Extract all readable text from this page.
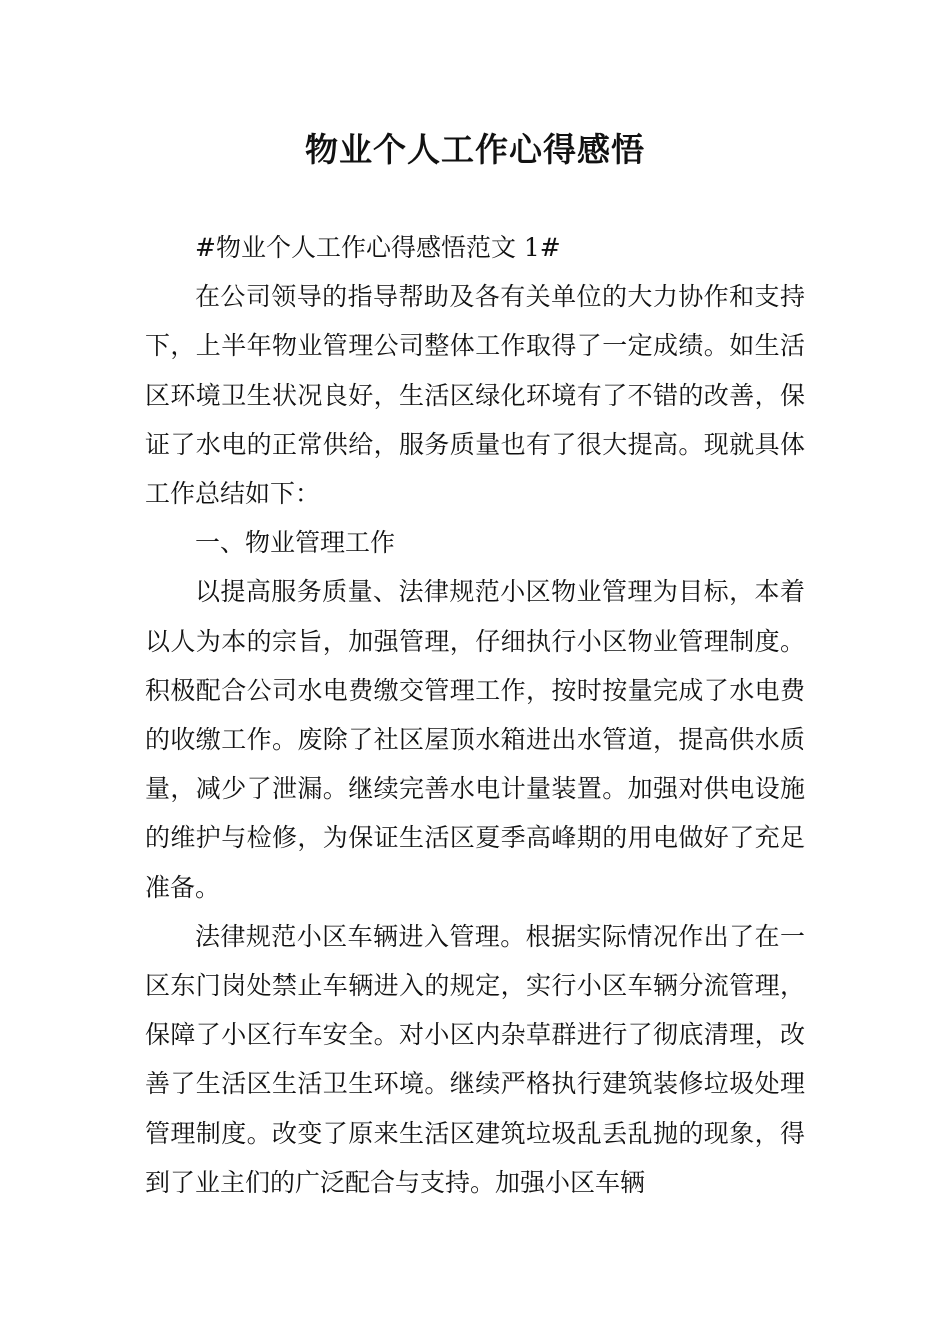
物业个人工作心得感悟

#物业个人工作心得感悟范文 1#

在公司领导的指导帮助及各有关单位的大力协作和支持下，上半年物业管理公司整体工作取得了一定成绩。如生活区环境卫生状况良好，生活区绿化环境有了不错的改善，保证了水电的正常供给，服务质量也有了很大提高。现就具体工作总结如下：

一、物业管理工作

以提高服务质量、法律规范小区物业管理为目标，本着以人为本的宗旨，加强管理，仔细执行小区物业管理制度。积极配合公司水电费缴交管理工作，按时按量完成了水电费的收缴工作。废除了社区屋顶水箱进出水管道，提高供水质量，减少了泄漏。继续完善水电计量装置。加强对供电设施的维护与检修，为保证生活区夏季高峰期的用电做好了充足准备。

法律规范小区车辆进入管理。根据实际情况作出了在一区东门岗处禁止车辆进入的规定，实行小区车辆分流管理，保障了小区行车安全。对小区内杂草群进行了彻底清理，改善了生活区生活卫生环境。继续严格执行建筑装修垃圾处理管理制度。改变了原来生活区建筑垃圾乱丢乱抛的现象，得到了业主们的广泛配合与支持。加强小区车辆
